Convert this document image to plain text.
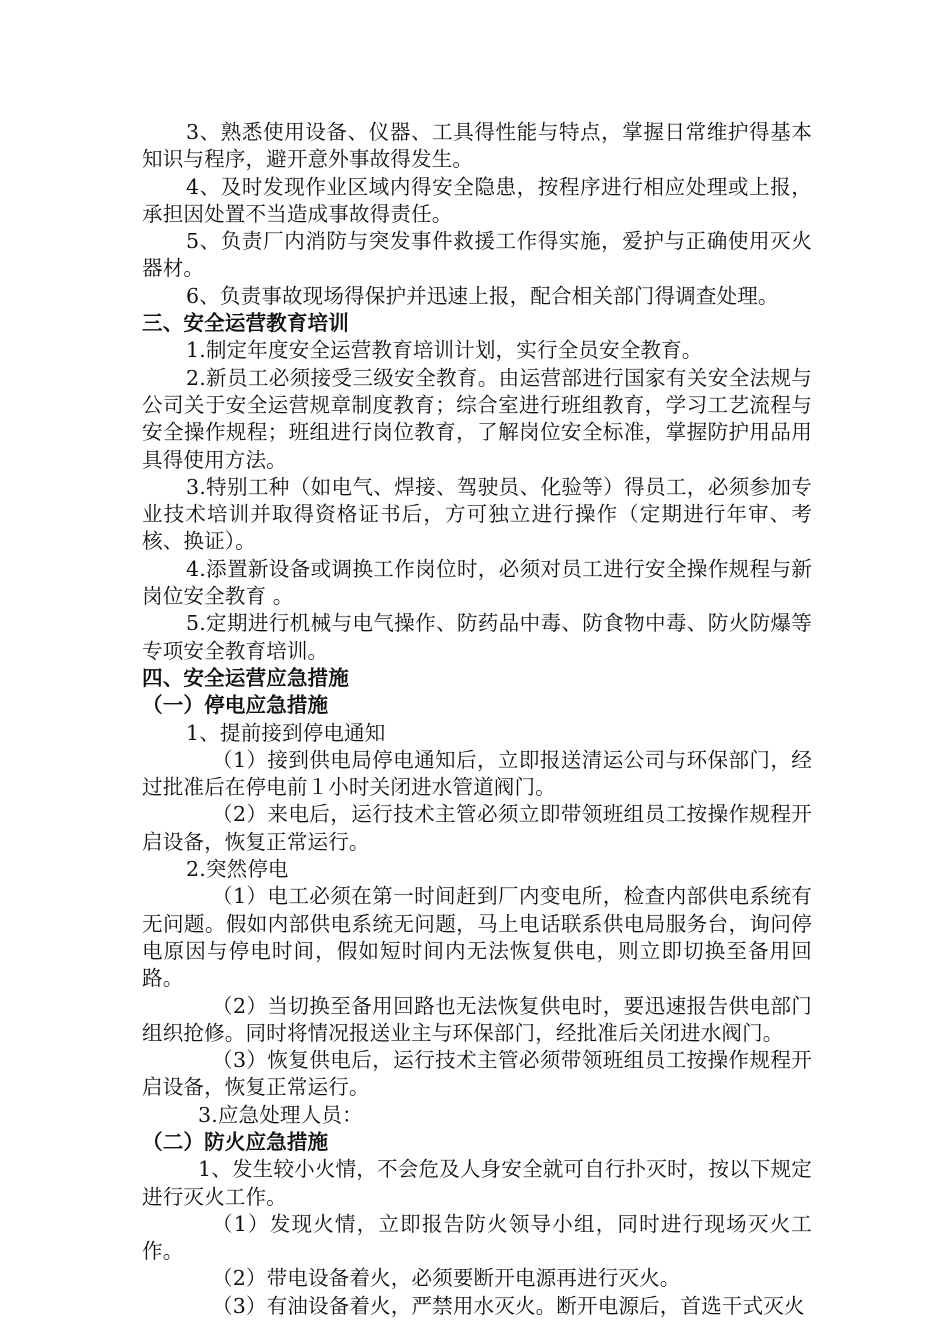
3、熟悉使用设备、仪器、工具得性能与特点，掌握日常维护得基本知识与程序，避开意外事故得发生。

4、及时发现作业区域内得安全隐患，按程序进行相应处理或上报，承担因处置不当造成事故得责任。

5、负责厂内消防与突发事件救援工作得实施，爱护与正确使用灭火器材。

6、负责事故现场得保护并迅速上报，配合相关部门得调查处理。

三、安全运营教育培训

1.制定年度安全运营教育培训计划，实行全员安全教育。

2.新员工必须接受三级安全教育。由运营部进行国家有关安全法规与公司关于安全运营规章制度教育；综合室进行班组教育，学习工艺流程与安全操作规程；班组进行岗位教育，了解岗位安全标准，掌握防护用品用具得使用方法。

3.特别工种（如电气、焊接、驾驶员、化验等）得员工，必须参加专业技术培训并取得资格证书后，方可独立进行操作（定期进行年审、考核、换证）。

4.添置新设备或调换工作岗位时，必须对员工进行安全操作规程与新岗位安全教育 。

5.定期进行机械与电气操作、防药品中毒、防食物中毒、防火防爆等专项安全教育培训。

四、安全运营应急措施

（一）停电应急措施

1、提前接到停电通知

（1）接到供电局停电通知后，立即报送清运公司与环保部门，经过批准后在停电前１小时关闭进水管道阀门。

（2）来电后，运行技术主管必须立即带领班组员工按操作规程开启设备，恢复正常运行。

2.突然停电

（1）电工必须在第一时间赶到厂内变电所，检查内部供电系统有无问题。假如内部供电系统无问题，马上电话联系供电局服务台，询问停电原因与停电时间，假如短时间内无法恢复供电，则立即切换至备用回路。

（2）当切换至备用回路也无法恢复供电时，要迅速报告供电部门组织抢修。同时将情况报送业主与环保部门，经批准后关闭进水阀门。

（3）恢复供电后，运行技术主管必须带领班组员工按操作规程开启设备，恢复正常运行。

3.应急处理人员：

（二）防火应急措施

1、发生较小火情，不会危及人身安全就可自行扑灭时，按以下规定进行灭火工作。

（1）发现火情，立即报告防火领导小组，同时进行现场灭火工作。

（2）带电设备着火，必须要断开电源再进行灭火。

（3）有油设备着火，严禁用水灭火。断开电源后，首选干式灭火
